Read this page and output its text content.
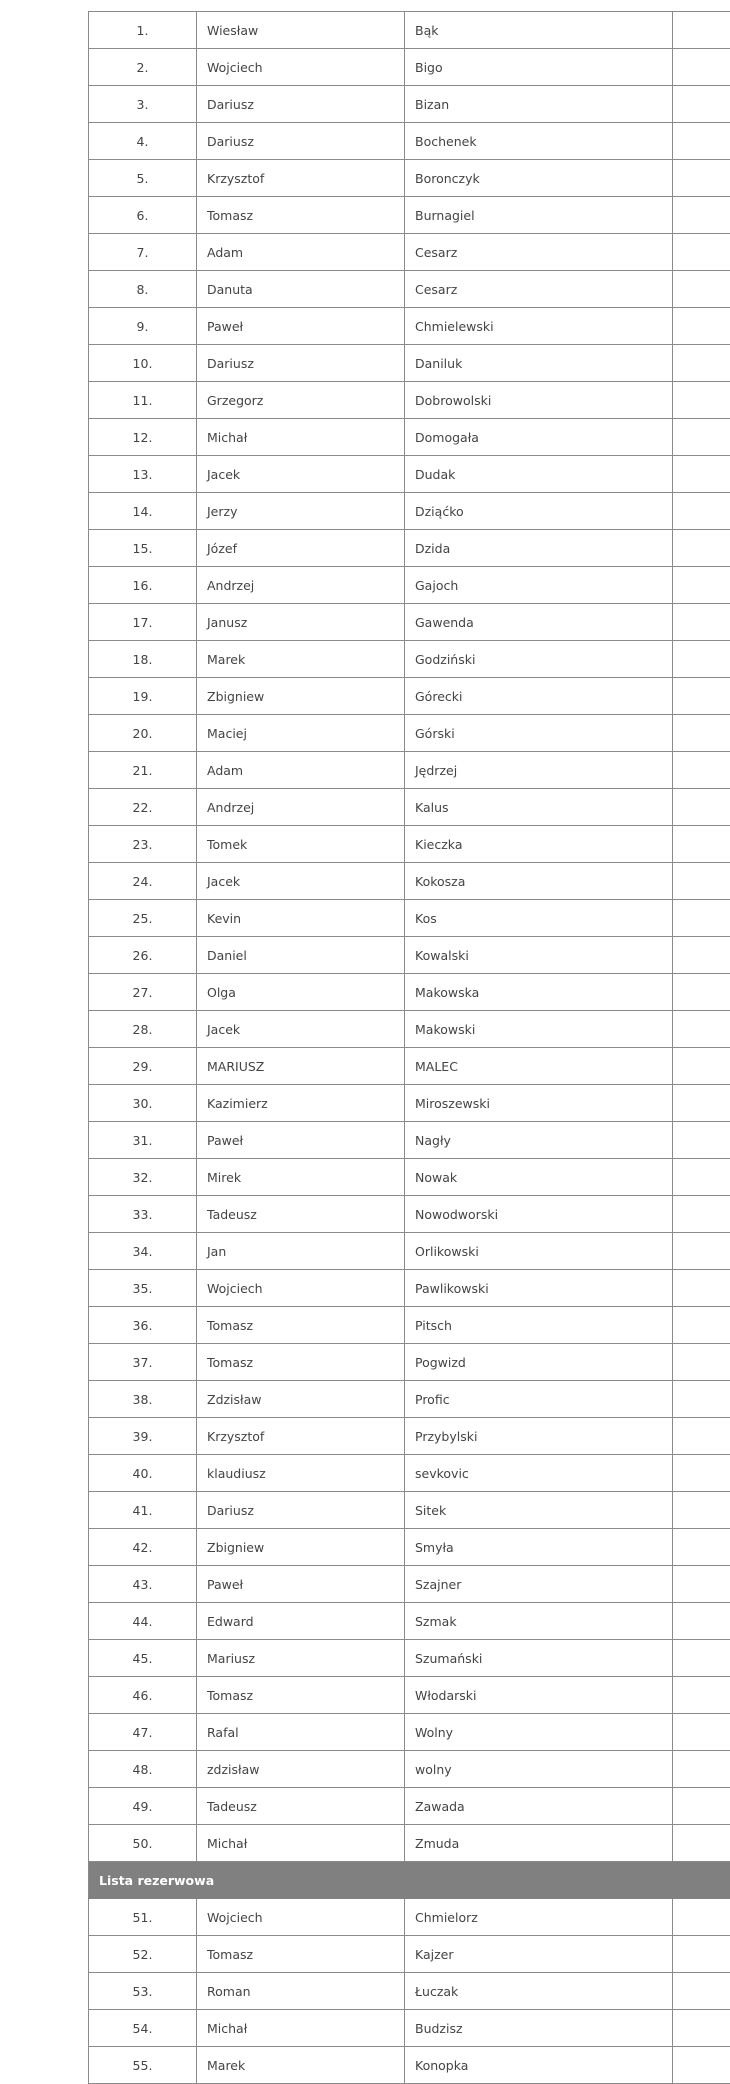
1.	Wiesław	Bąk	
2.	Wojciech	Bigo	
3.	Dariusz	Bizan	
4.	Dariusz	Bochenek	
5.	Krzysztof	Boronczyk	
6.	Tomasz	Burnagiel	
7.	Adam	Cesarz	
8.	Danuta	Cesarz	
9.	Paweł	Chmielewski	
10.	Dariusz	Daniluk	
11.	Grzegorz	Dobrowolski	
12.	Michał	Domogała	
13.	Jacek	Dudak	
14.	Jerzy	Dziąćko	
15.	Józef	Dzida	
16.	Andrzej	Gajoch	
17.	Janusz	Gawenda	
18.	Marek	Godziński	
19.	Zbigniew	Górecki	
20.	Maciej	Górski	
21.	Adam	Jędrzej	
22.	Andrzej	Kalus	
23.	Tomek	Kieczka	
24.	Jacek	Kokosza	
25.	Kevin	Kos	
26.	Daniel	Kowalski	
27.	Olga	Makowska	
28.	Jacek	Makowski	
29.	MARIUSZ	MALEC	
30.	Kazimierz	Miroszewski	
31.	Paweł	Nagły	
32.	Mirek	Nowak	
33.	Tadeusz	Nowodworski	
34.	Jan	Orlikowski	
35.	Wojciech	Pawlikowski	
36.	Tomasz	Pitsch	
37.	Tomasz	Pogwizd	
38.	Zdzisław	Profic	
39.	Krzysztof	Przybylski	
40.	klaudiusz	sevkovic	
41.	Dariusz	Sitek	
42.	Zbigniew	Smyła	
43.	Paweł	Szajner	
44.	Edward	Szmak	
45.	Mariusz	Szumański	
46.	Tomasz	Włodarski	
47.	Rafal	Wolny	
48.	zdzisław	wolny	
49.	Tadeusz	Zawada	
50.	Michał	Zmuda	
Lista rezerwowa			
51.	Wojciech	Chmielorz	
52.	Tomasz	Kajzer	
53.	Roman	Łuczak	
54.	Michał	Budzisz	
55.	Marek	Konopka	
